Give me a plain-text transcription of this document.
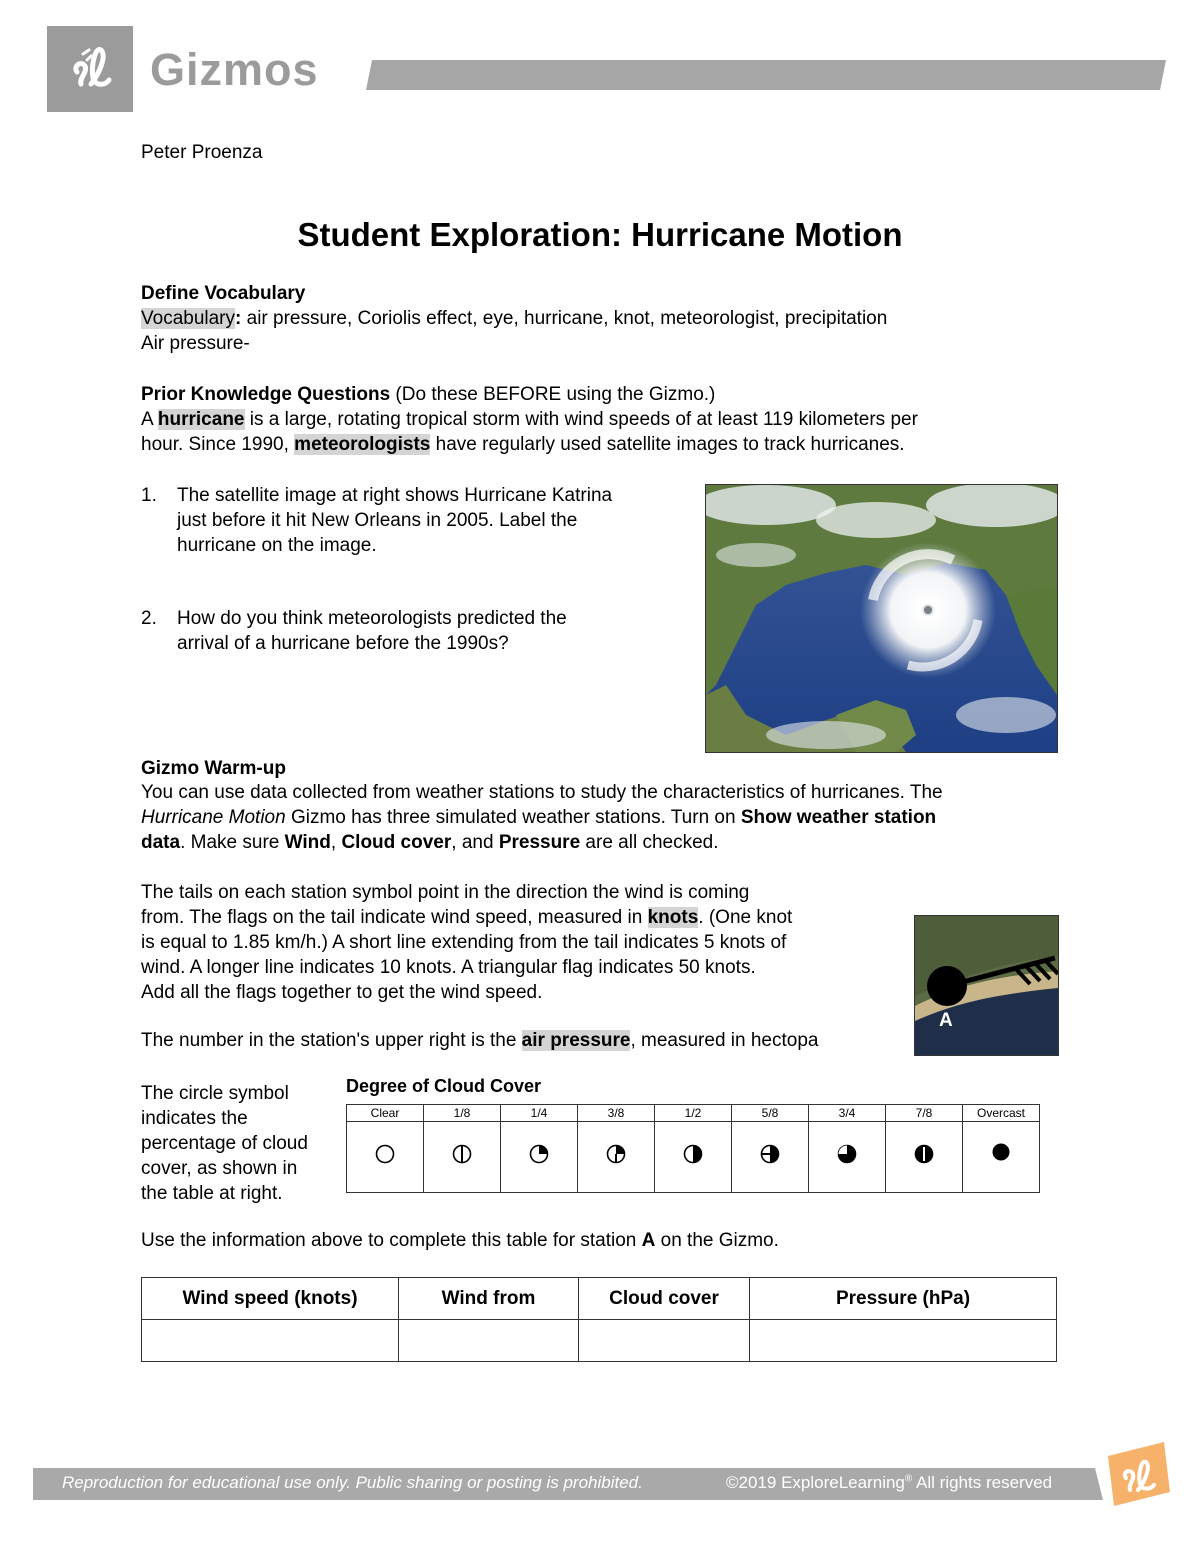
Gizmos
Peter Proenza
Student Exploration: Hurricane Motion
Define Vocabulary
Vocabulary: air pressure, Coriolis effect, eye, hurricane, knot, meteorologist, precipitation
Air pressure-
Prior Knowledge Questions (Do these BEFORE using the Gizmo.)
A hurricane is a large, rotating tropical storm with wind speeds of at least 119 kilometers per
hour. Since 1990, meteorologists have regularly used satellite images to track hurricanes.
1. The satellite image at right shows Hurricane Katrina
just before it hit New Orleans in 2005. Label the
hurricane on the image.
2. How do you think meteorologists predicted the
arrival of a hurricane before the 1990s?
Gizmo Warm-up
You can use data collected from weather stations to study the characteristics of hurricanes. The
Hurricane Motion Gizmo has three simulated weather stations. Turn on Show weather station
data. Make sure Wind, Cloud cover, and Pressure are all checked.
The tails on each station symbol point in the direction the wind is coming
from. The flags on the tail indicate wind speed, measured in knots. (One knot
is equal to 1.85 km/h.) A short line extending from the tail indicates 5 knots of
wind. A longer line indicates 10 knots. A triangular flag indicates 50 knots.
Add all the flags together to get the wind speed.
The number in the station's upper right is the air pressure, measured in hectopa
A
The circle symbol
indicates the
percentage of cloud
cover, as shown in
the table at right.
Degree of Cloud Cover
Clear	1/8	1/4	3/8	1/2	5/8	3/4	7/8	Overcast

Use the information above to complete this table for station A on the Gizmo.
Wind speed (knots)	Wind from	Cloud cover	Pressure (hPa)

Reproduction for educational use only. Public sharing or posting is prohibited.	©2019 ExploreLearning® All rights reserved
